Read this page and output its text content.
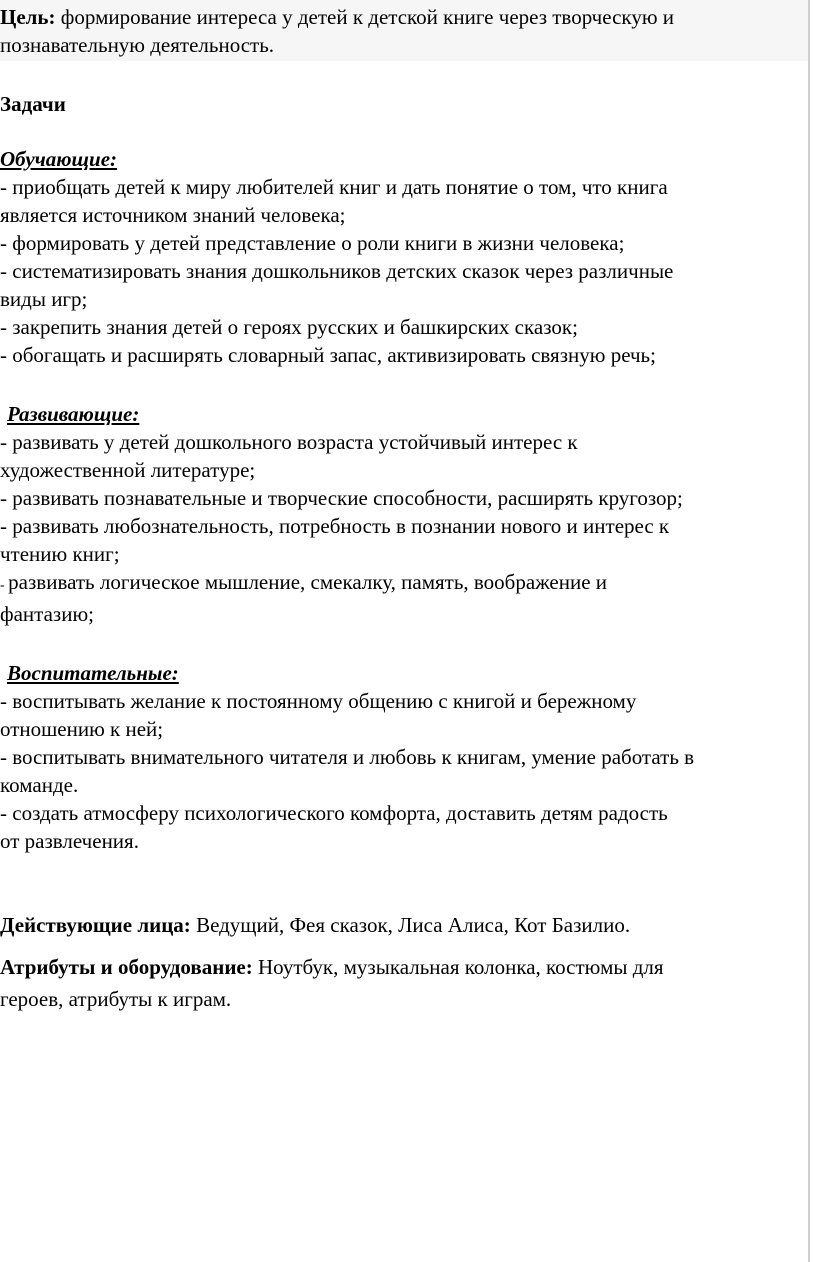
Цель: формирование интереса у детей к детской книге через творческую и

познавательную деятельность.

Задачи

Обучающие:

- приобщать детей к миру любителей книг и дать понятие о том, что книга

является источником знаний человека;

- формировать у детей представление о роли книги в жизни человека;

- систематизировать знания дошкольников детских сказок через различные

виды игр;

- закрепить знания детей о героях русских и башкирских сказок;

- обогащать и расширять словарный запас, активизировать связную речь;

Развивающие:

- развивать у детей дошкольного возраста устойчивый интерес к

художественной литературе;

- развивать познавательные и творческие способности, расширять кругозор;

- развивать любознательность, потребность в познании нового и интерес к

чтению книг;

- развивать логическое мышление, смекалку, память, воображение и

фантазию;

Воспитательные:

- воспитывать желание к постоянному общению с книгой и бережному

отношению к ней;

- воспитывать внимательного читателя и любовь к книгам, умение работать в

команде.

- создать атмосферу психологического комфорта, доставить детям радость

от развлечения.

Действующие лица: Ведущий, Фея сказок, Лиса Алиса, Кот Базилио.

Атрибуты и оборудование: Ноутбук, музыкальная колонка, костюмы для

героев, атрибуты к играм.
